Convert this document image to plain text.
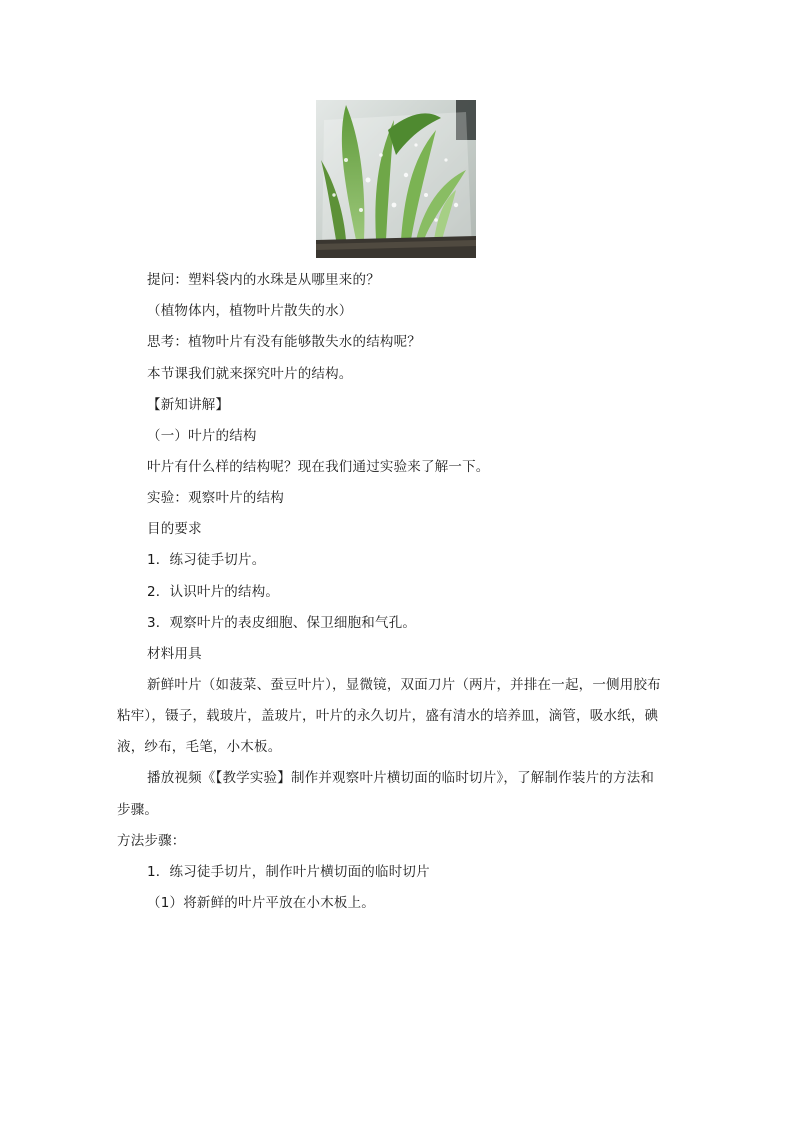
提问：塑料袋内的水珠是从哪里来的？
（植物体内，植物叶片散失的水）
思考：植物叶片有没有能够散失水的结构呢？
本节课我们就来探究叶片的结构。
【新知讲解】
（一）叶片的结构
叶片有什么样的结构呢？现在我们通过实验来了解一下。
实验：观察叶片的结构
目的要求
1．练习徒手切片。
2．认识叶片的结构。
3．观察叶片的表皮细胞、保卫细胞和气孔。
材料用具
新鲜叶片（如菠菜、蚕豆叶片），显微镜，双面刀片（两片，并排在一起，一侧用胶布
粘牢），镊子，载玻片，盖玻片，叶片的永久切片，盛有清水的培养皿，滴管，吸水纸，碘
液，纱布，毛笔，小木板。
播放视频《【教学实验】制作并观察叶片横切面的临时切片》，了解制作装片的方法和
步骤。
方法步骤：
1．练习徒手切片，制作叶片横切面的临时切片
（1）将新鲜的叶片平放在小木板上。
